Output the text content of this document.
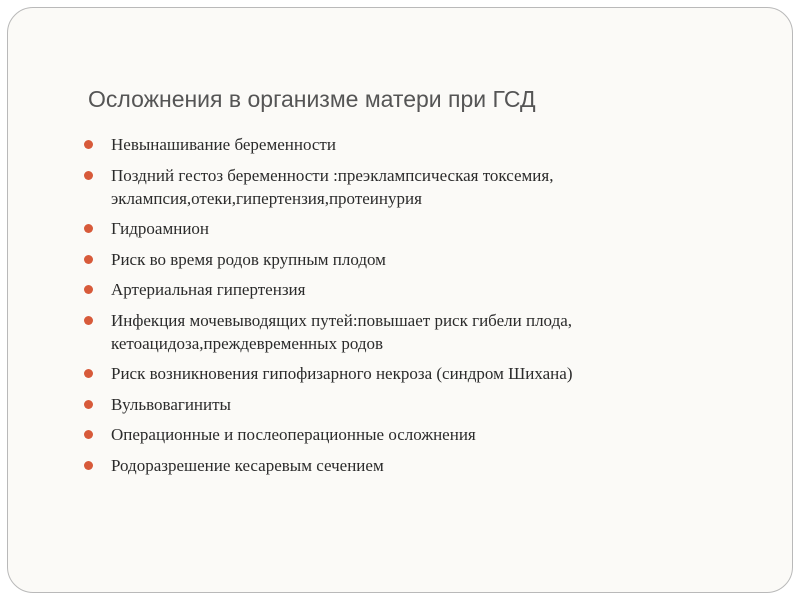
Осложнения в организме матери при ГСД
Невынашивание беременности
Поздний гестоз беременности :преэклампсическая токсемия, эклампсия,отеки,гипертензия,протеинурия
Гидроамнион
Риск во время родов крупным плодом
Артериальная гипертензия
Инфекция мочевыводящих путей:повышает риск гибели плода, кетоацидоза,преждевременных родов
Риск возникновения гипофизарного некроза (синдром Шихана)
Вульвовагиниты
Операционные и послеоперационные осложнения
Родоразрешение кесаревым сечением
